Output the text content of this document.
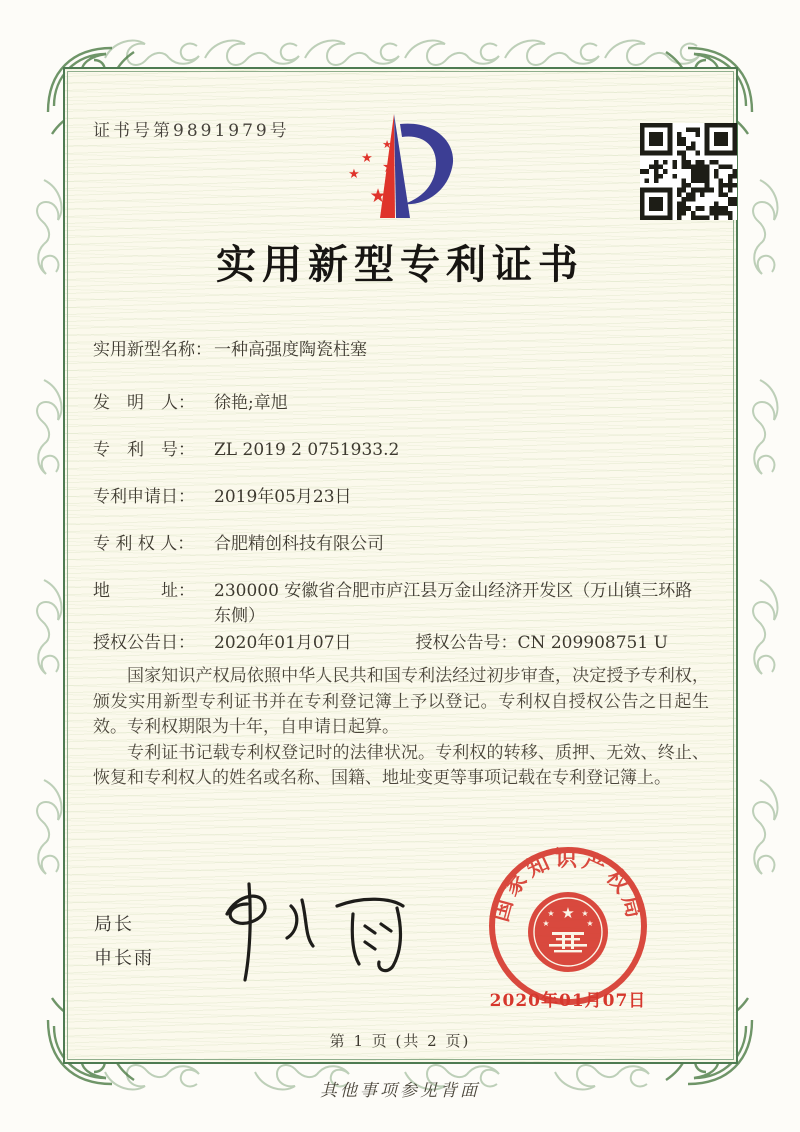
证书号第9891979号
★
★
★
★
★
实用新型专利证书
实用新型名称： 一种高强度陶瓷柱塞
发　明　人：	徐艳;章旭
专　利　号：	ZL 2019 2 0751933.2
专利申请日：	2019年05月23日
专 利 权 人：	合肥精创科技有限公司
地　　　址：	230000 安徽省合肥市庐江县万金山经济开发区（万山镇三环路东侧）
授权公告日：	2020年01月07日	授权公告号： CN 209908751 U

国家知识产权局依照中华人民共和国专利法经过初步审查，决定授予专利权，颁发实用新型专利证书并在专利登记簿上予以登记。专利权自授权公告之日起生效。专利权期限为十年，自申请日起算。

专利证书记载专利权登记时的法律状况。专利权的转移、质押、无效、终止、恢复和专利权人的姓名或名称、国籍、地址变更等事项记载在专利登记簿上。

局长
申长雨
国家知识产权局
★
★	★
★	★
2020年01月07日
第 1 页 (共 2 页)
其他事项参见背面
